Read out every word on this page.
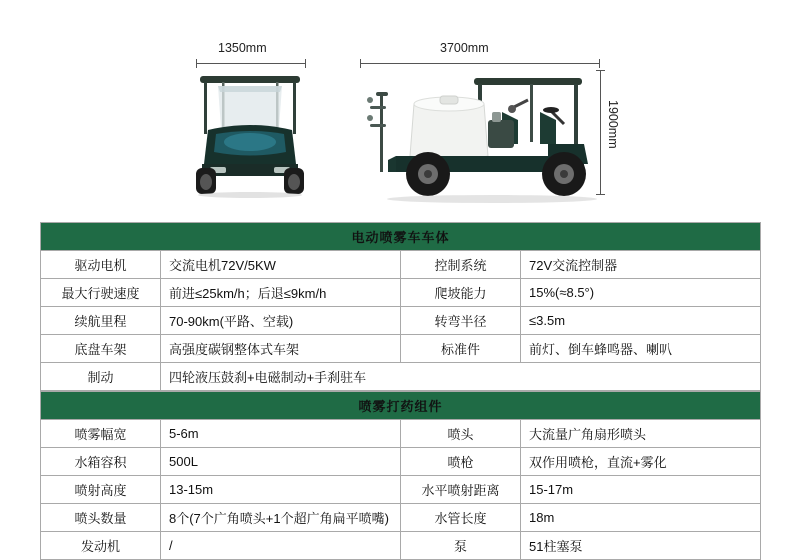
1350mm	3700mm
1900mm
电动喷雾车车体			
驱动电机	交流电机72V/5KW	控制系统	72V交流控制器
最大行驶速度	前进≤25km/h；后退≤9km/h	爬坡能力	15%(≈8.5°)
续航里程	70-90km(平路、空载)	转弯半径	≤3.5m
底盘车架	高强度碳钢整体式车架	标准件	前灯、倒车蜂鸣器、喇叭
制动	四轮液压鼓刹+电磁制动+手刹驻车		
喷雾打药组件			
喷雾幅宽	5-6m	喷头	大流量广角扇形喷头
水箱容积	500L	喷枪	双作用喷枪，直流+雾化
喷射高度	13-15m	水平喷射距离	15-17m
喷头数量	8个(7个广角喷头+1个超广角扁平喷嘴)	水管长度	18m
发动机	/	泵	51柱塞泵
